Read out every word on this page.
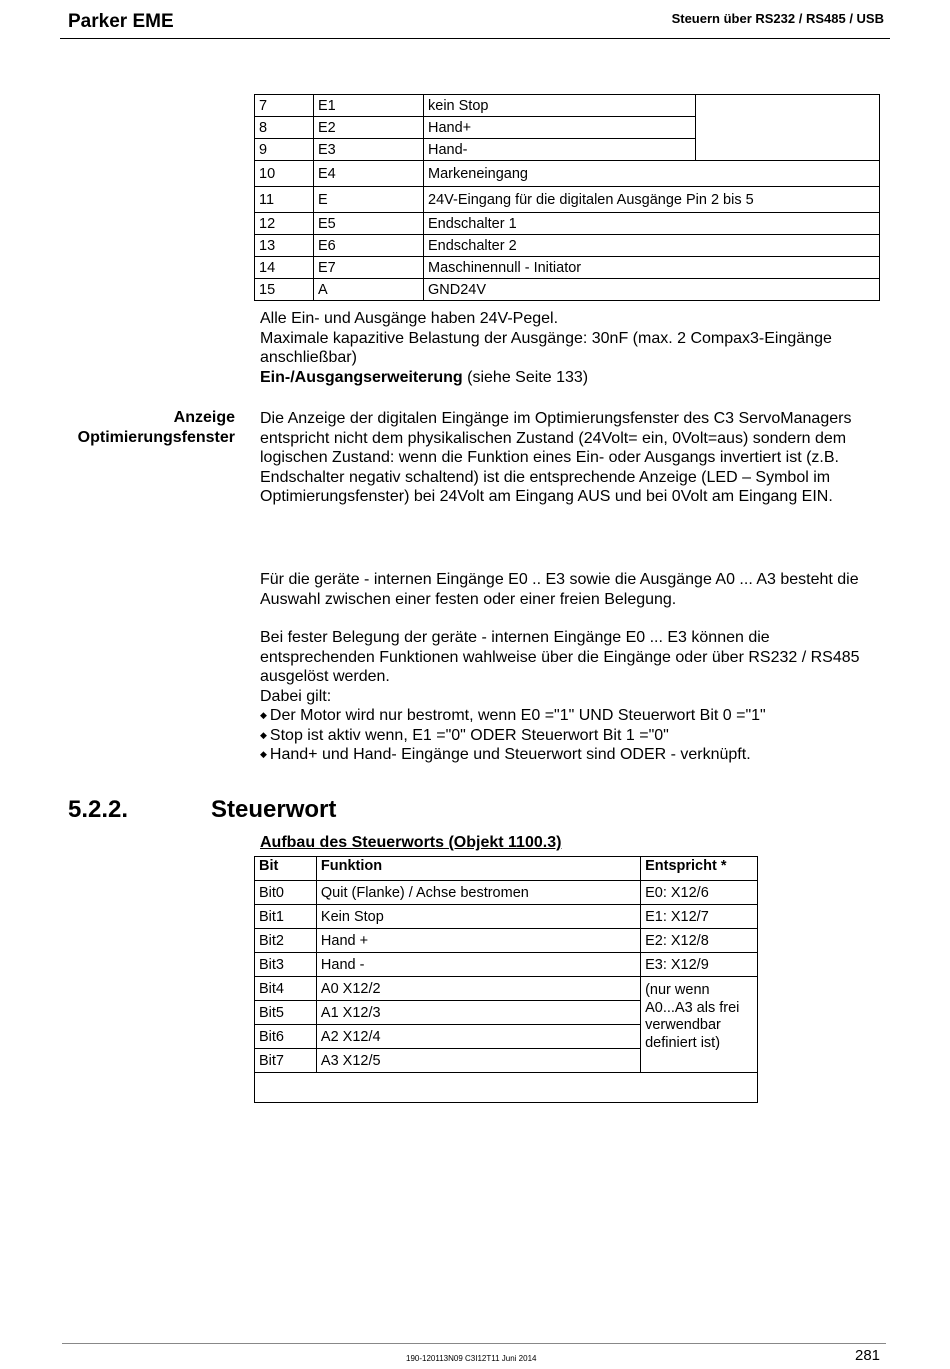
Parker EME	Steuern über RS232 / RS485 / USB
7	E1	kein Stop	
8	E2	Hand+	
9	E3	Hand-	
10	E4	Markeneingang	
11	E	24V-Eingang für die digitalen Ausgänge Pin 2 bis 5	
12	E5	Endschalter 1	
13	E6	Endschalter 2	
14	E7	Maschinennull - Initiator	
15	A	GND24V	
Alle Ein- und Ausgänge haben 24V-Pegel.
Maximale kapazitive Belastung der Ausgänge: 30nF (max. 2 Compax3-Eingänge anschließbar)
Ein-/Ausgangserweiterung (siehe Seite 133)
Anzeige
Optimierungsfenster
Die Anzeige der digitalen Eingänge im Optimierungsfenster des C3 ServoManagers entspricht nicht dem physikalischen Zustand (24Volt= ein, 0Volt=aus) sondern dem logischen Zustand: wenn die Funktion eines Ein- oder Ausgangs invertiert ist (z.B. Endschalter negativ schaltend) ist die entsprechende Anzeige (LED – Symbol im Optimierungsfenster) bei 24Volt am Eingang AUS und bei 0Volt am Eingang EIN.
Für die geräte - internen Eingänge E0 .. E3 sowie die Ausgänge A0 ... A3 besteht die Auswahl zwischen einer festen oder einer freien Belegung.
Bei fester Belegung der geräte - internen Eingänge E0 ... E3 können die entsprechenden Funktionen wahlweise über die Eingänge oder über RS232 / RS485 ausgelöst werden.
Dabei gilt:
◆ Der Motor wird nur bestromt, wenn E0 ="1" UND Steuerwort Bit 0 ="1"
◆ Stop ist aktiv wenn, E1 ="0" ODER Steuerwort Bit 1 ="0"
◆ Hand+ und Hand- Eingänge und Steuerwort sind ODER - verknüpft.
5.2.2.	Steuerwort
Aufbau des Steuerworts (Objekt 1100.3)
Bit	Funktion	Entspricht *
Bit0	Quit (Flanke) / Achse bestromen	E0: X12/6
Bit1	Kein Stop	E1: X12/7
Bit2	Hand +	E2: X12/8
Bit3	Hand -	E3: X12/9
Bit4	A0 X12/2	(nur wenn A0...A3 als frei verwendbar definiert ist)
Bit5	A1 X12/3	
Bit6	A2 X12/4	
Bit7	A3 X12/5	

190-120113N09 C3I12T11 Juni 2014	281
